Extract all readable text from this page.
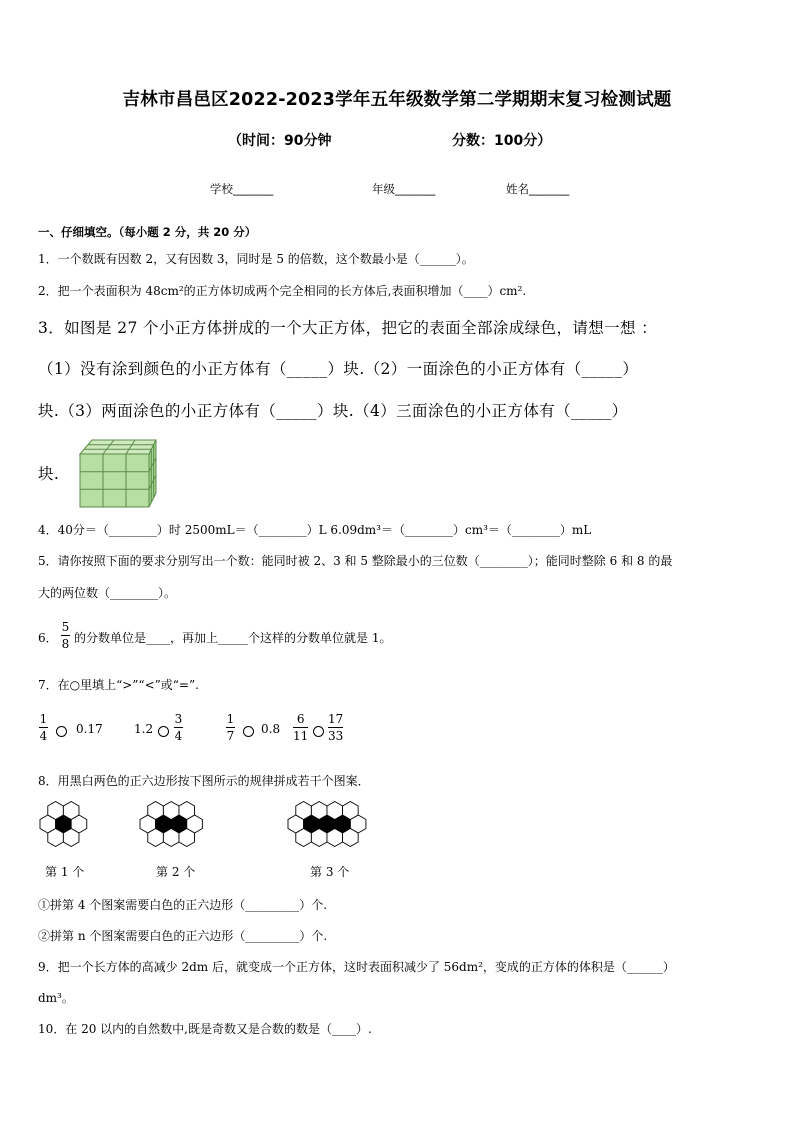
吉林市昌邑区2022-2023学年五年级数学第二学期期末复习检测试题
（时间：90分钟	分数：100分）
学校_______	年级_______	姓名_______
一、仔细填空。（每小题 2 分，共 20 分）
1．一个数既有因数 2，又有因数 3，同时是 5 的倍数，这个数最小是（______）。
2．把一个表面积为 48cm²的正方体切成两个完全相同的长方体后,表面积增加（____）cm².
3．如图是 27 个小正方体拼成的一个大正方体，把它的表面全部涂成绿色，请想一想 ：
（1）没有涂到颜色的小正方体有（_____）块.（2）一面涂色的小正方体有（_____）
块.（3）两面涂色的小正方体有（_____）块.（4）三面涂色的小正方体有（_____）
块.
4．40分＝（________）时 2500mL＝（________）L 6.09dm³＝（________）cm³＝（________）mL
5．请你按照下面的要求分别写出一个数：能同时被 2、3 和 5 整除最小的三位数（________）；能同时整除 6 和 8 的最
大的两位数（________）。
6．
5
8 的分数单位是____，再加上_____个这样的分数单位就是 1。
7．在○里填上“>”“<”或“=”.
1
4 0.17	1.2
3
4
1
7 0.8
6
11
17
33
8．用黑白两色的正六边形按下图所示的规律拼成若干个图案．
第 1 个	第 2 个	第 3 个
①拼第 4 个图案需要白色的正六边形（_________）个.
②拼第 n 个图案需要白色的正六边形（_________）个.
9．把一个长方体的高减少 2dm 后，就变成一个正方体，这时表面积减少了 56dm²，变成的正方体的体积是（______）
dm³。
10．在 20 以内的自然数中,既是奇数又是合数的数是（____）.
